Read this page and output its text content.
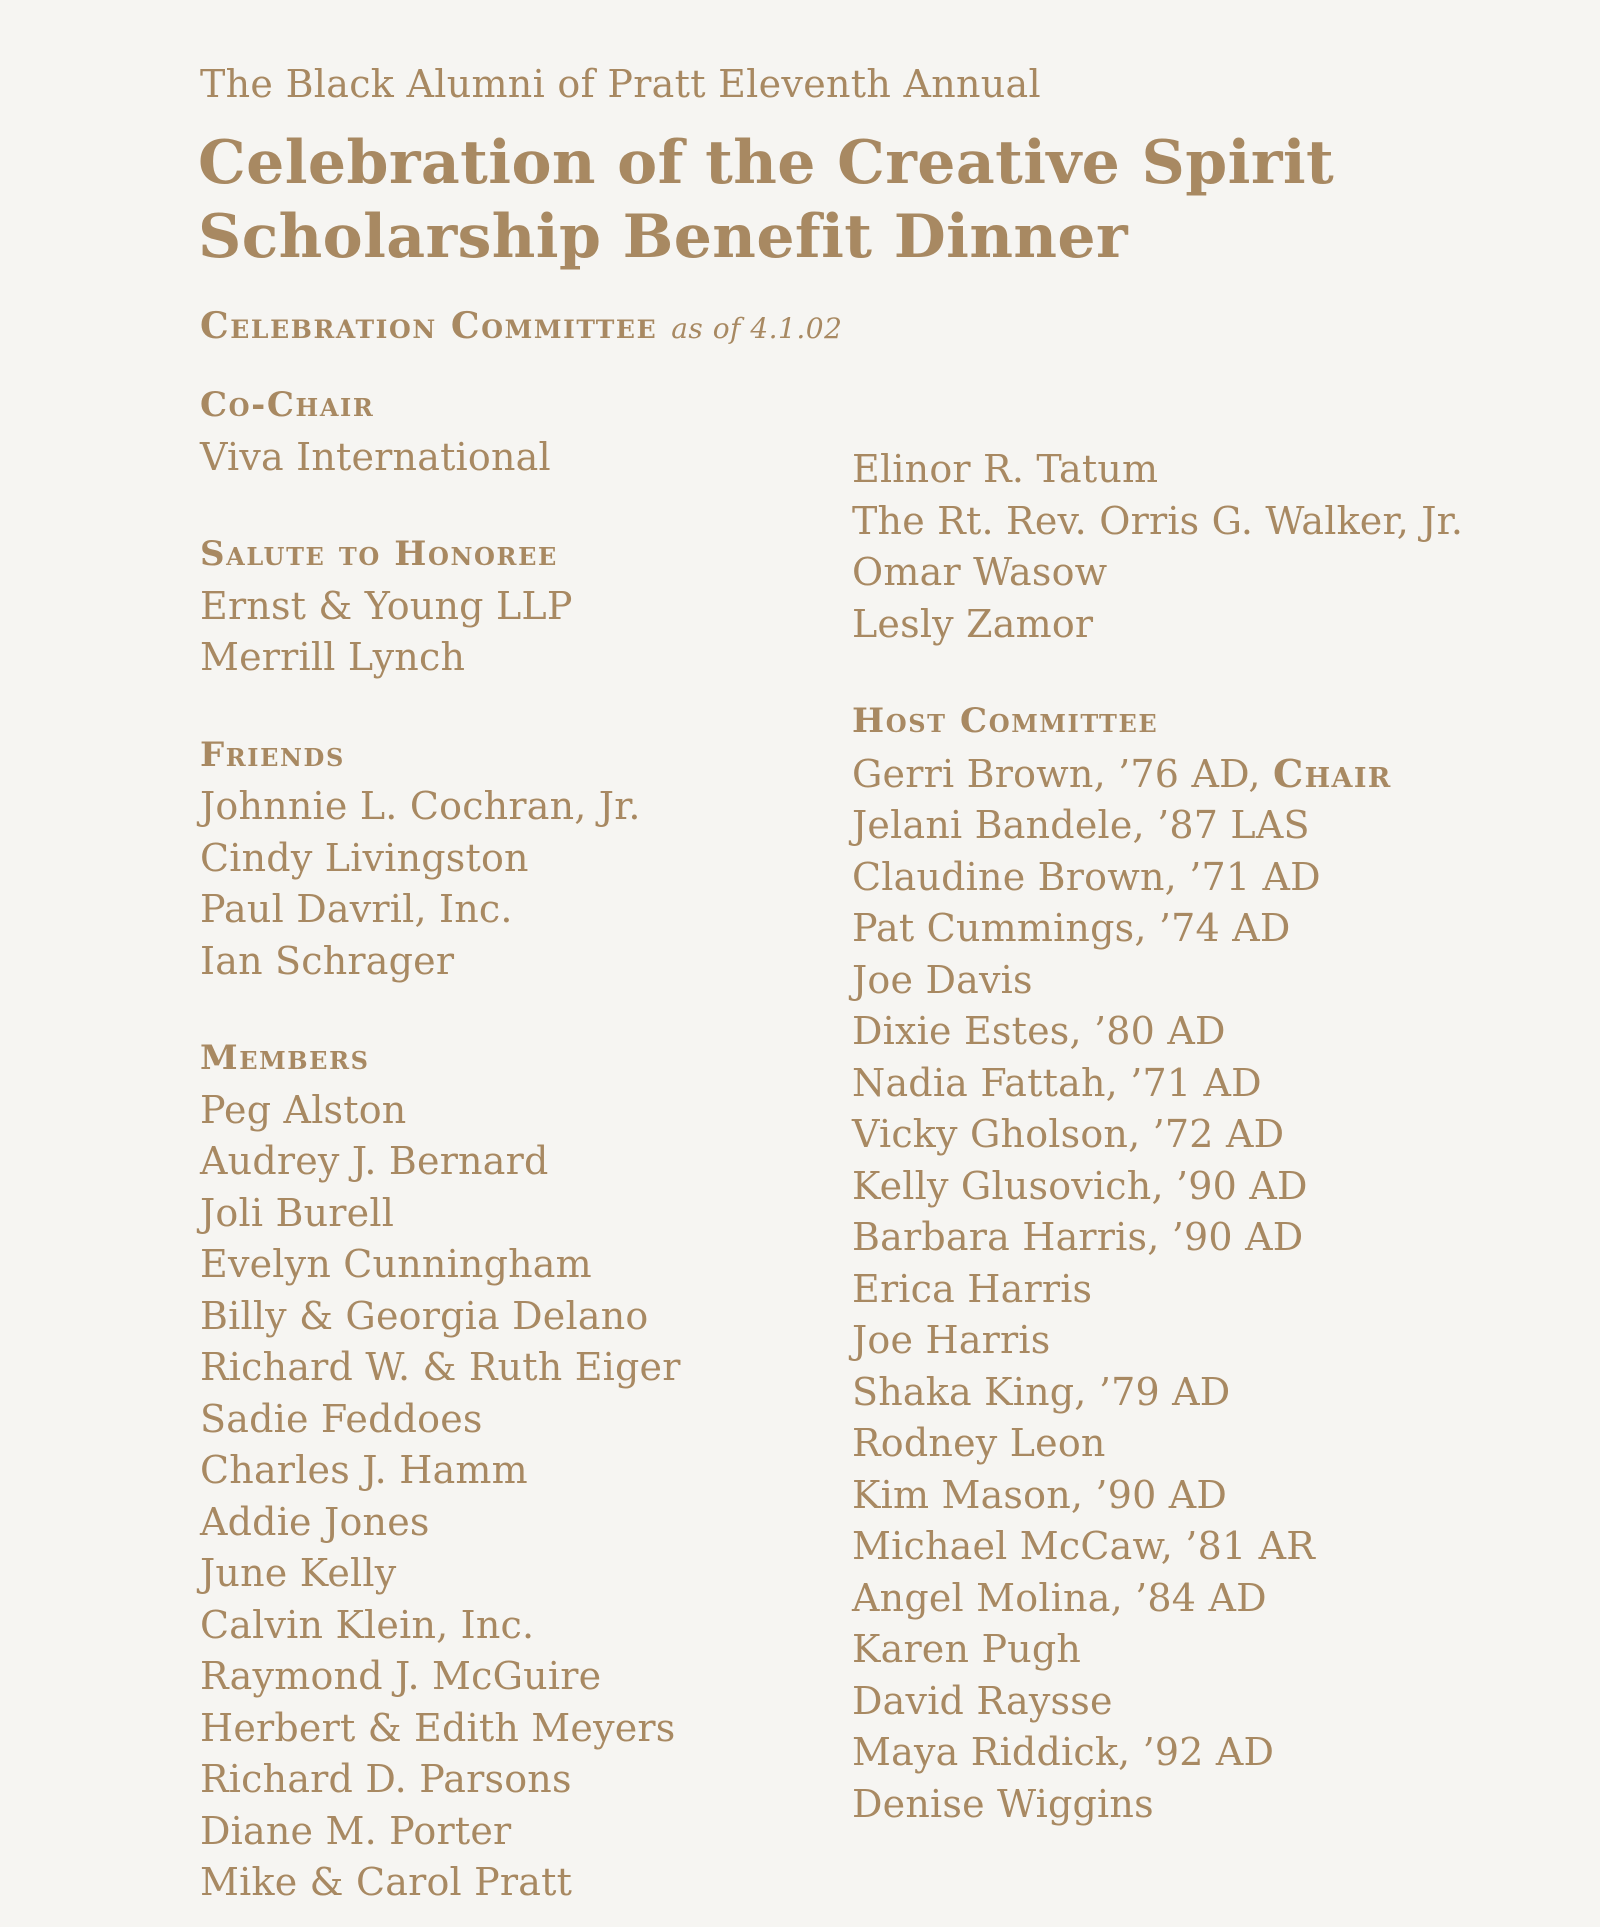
The Black Alumni of Pratt Eleventh Annual
Celebration of the Creative Spirit
Scholarship Benefit Dinner
Celebration Committee as of 4.1.02
Co-Chair
Viva International
Salute to Honoree
Ernst & Young LLP
Merrill Lynch
Friends
Johnnie L. Cochran, Jr.
Cindy Livingston
Paul Davril, Inc.
Ian Schrager
Members
Peg Alston
Audrey J. Bernard
Joli Burell
Evelyn Cunningham
Billy & Georgia Delano
Richard W. & Ruth Eiger
Sadie Feddoes
Charles J. Hamm
Addie Jones
June Kelly
Calvin Klein, Inc.
Raymond J. McGuire
Herbert & Edith Meyers
Richard D. Parsons
Diane M. Porter
Mike & Carol Pratt
Elinor R. Tatum
The Rt. Rev. Orris G. Walker, Jr.
Omar Wasow
Lesly Zamor
Host Committee
Gerri Brown, ’76 AD, Chair
Jelani Bandele, ’87 LAS
Claudine Brown, ’71 AD
Pat Cummings, ’74 AD
Joe Davis
Dixie Estes, ’80 AD
Nadia Fattah, ’71 AD
Vicky Gholson, ’72 AD
Kelly Glusovich, ’90 AD
Barbara Harris, ’90 AD
Erica Harris
Joe Harris
Shaka King, ’79 AD
Rodney Leon
Kim Mason, ’90 AD
Michael McCaw, ’81 AR
Angel Molina, ’84 AD
Karen Pugh
David Raysse
Maya Riddick, ’92 AD
Denise Wiggins
